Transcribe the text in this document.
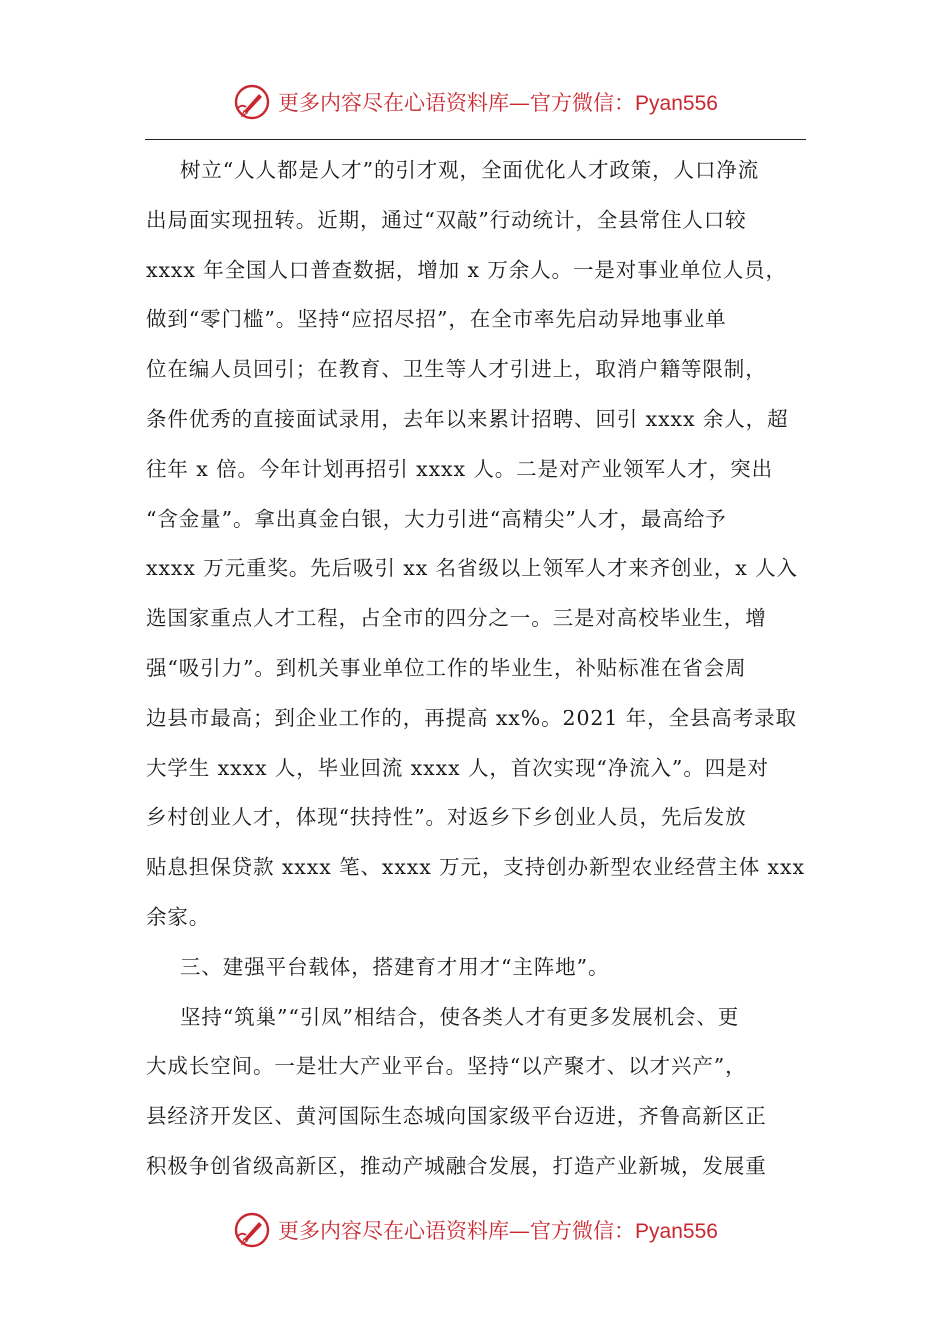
更多内容尽在心语资料库—官方微信：Pyan556
树立“人人都是人才”的引才观，全面优化人才政策，人口净流
出局面实现扭转。近期，通过“双敲”行动统计，全县常住人口较
xxxx 年全国人口普查数据，增加 x 万余人。一是对事业单位人员，
做到“零门槛”。坚持“应招尽招”，在全市率先启动异地事业单
位在编人员回引；在教育、卫生等人才引进上，取消户籍等限制，
条件优秀的直接面试录用，去年以来累计招聘、回引 xxxx 余人，超
往年 x 倍。今年计划再招引 xxxx 人。二是对产业领军人才，突出
“含金量”。拿出真金白银，大力引进“高精尖”人才，最高给予
xxxx 万元重奖。先后吸引 xx 名省级以上领军人才来齐创业，x 人入
选国家重点人才工程，占全市的四分之一。三是对高校毕业生，增
强“吸引力”。到机关事业单位工作的毕业生，补贴标准在省会周
边县市最高；到企业工作的，再提高 xx%。2021 年，全县高考录取
大学生 xxxx 人，毕业回流 xxxx 人，首次实现“净流入”。四是对
乡村创业人才，体现“扶持性”。对返乡下乡创业人员，先后发放
贴息担保贷款 xxxx 笔、xxxx 万元，支持创办新型农业经营主体 xxx
余家。
三、建强平台载体，搭建育才用才“主阵地”。
坚持“筑巢”“引凤”相结合，使各类人才有更多发展机会、更
大成长空间。一是壮大产业平台。坚持“以产聚才、以才兴产”，
县经济开发区、黄河国际生态城向国家级平台迈进，齐鲁高新区正
积极争创省级高新区，推动产城融合发展，打造产业新城，发展重
更多内容尽在心语资料库—官方微信：Pyan556
